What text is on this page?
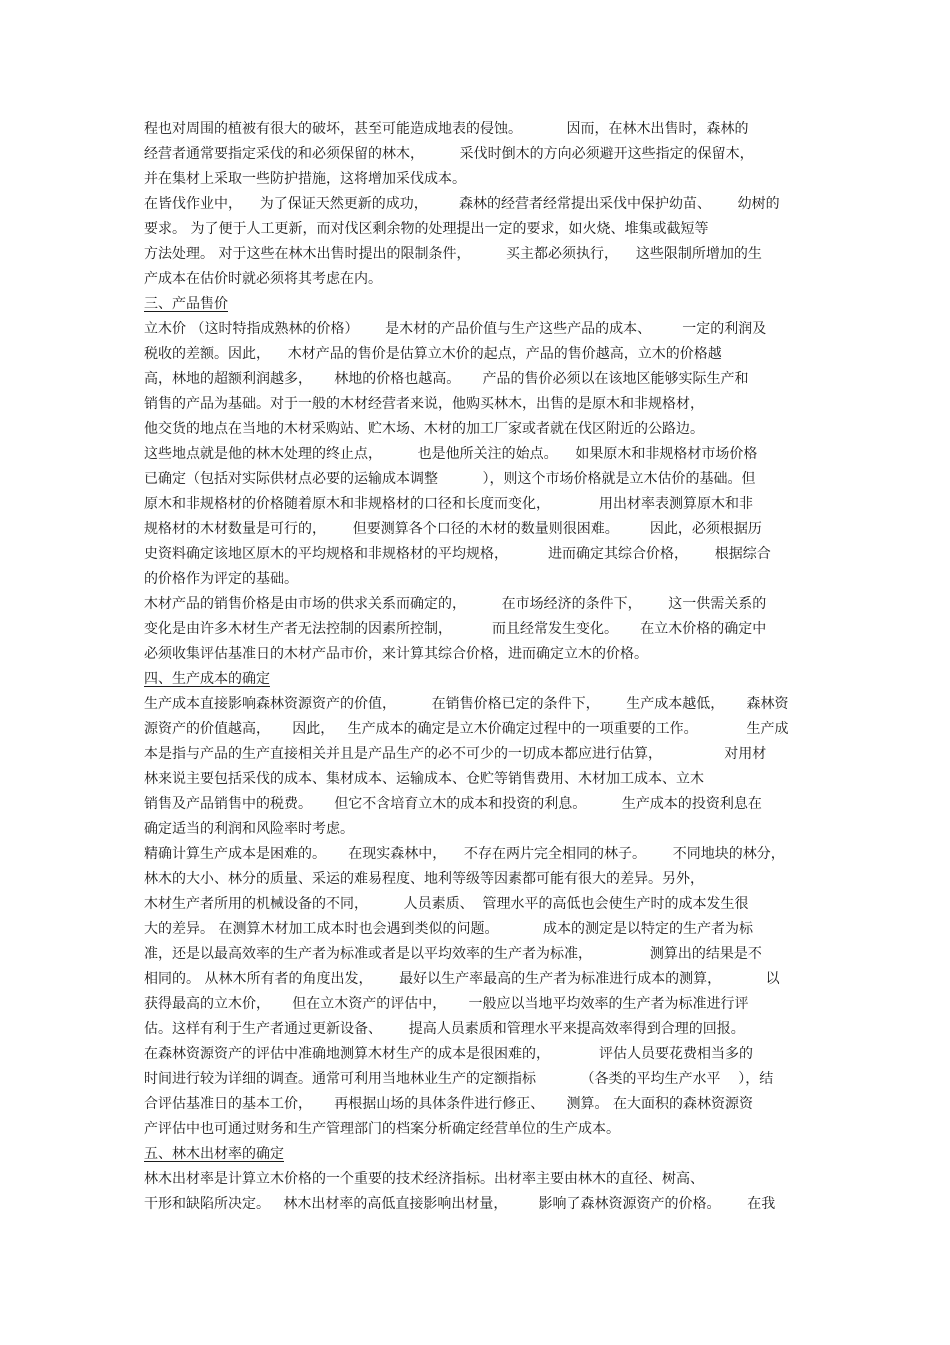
程也对周围的植被有很大的破坏，甚至可能造成地表的侵蚀。          因而，在林木出售时，森林的
经营者通常要指定采伐的和必须保留的林木，        采伐时倒木的方向必须避开这些指定的保留木，
并在集材上采取一些防护措施，这将增加采伐成本。
在皆伐作业中，    为了保证天然更新的成功，       森林的经营者经常提出采伐中保护幼苗、      幼树的
要求。 为了便于人工更新，而对伐区剩余物的处理提出一定的要求，如火烧、堆集或截短等
方法处理。 对于这些在林木出售时提出的限制条件，        买主都必须执行，    这些限制所增加的生
产成本在估价时就必须将其考虑在内。
三、产品售价
立木价 （这时特指成熟林的价格）      是木材的产品价值与生产这些产品的成本、       一定的利润及
税收的差额。因此，    木材产品的售价是估算立木价的起点，产品的售价越高，立木的价格越
高，林地的超额利润越多，     林地的价格也越高。     产品的售价必须以在该地区能够实际生产和
销售的产品为基础。对于一般的木材经营者来说，他购买林木，出售的是原木和非规格材，
他交货的地点在当地的木材采购站、贮木场、木材的加工厂家或者就在伐区附近的公路边。
这些地点就是他的林木处理的终止点，        也是他所关注的始点。    如果原木和非规格材市场价格
已确定（包括对实际供材点必要的运输成本调整          ），则这个市场价格就是立木估价的基础。但
原木和非规格材的价格随着原木和非规格材的口径和长度而变化，           用出材率表测算原木和非
规格材的木材数量是可行的，      但要测算各个口径的木材的数量则很困难。       因此，必须根据历
史资料确定该地区原木的平均规格和非规格材的平均规格，         进而确定其综合价格，      根据综合
的价格作为评定的基础。
木材产品的销售价格是由市场的供求关系而确定的，        在市场经济的条件下，      这一供需关系的
变化是由许多木材生产者无法控制的因素所控制，         而且经常发生变化。     在立木价格的确定中
必须收集评估基准日的木材产品市价，来计算其综合价格，进而确定立木的价格。
四、生产成本的确定
生产成本直接影响森林资源资产的价值，        在销售价格已定的条件下，      生产成本越低，     森林资
源资产的价值越高，     因此，   生产成本的确定是立木价确定过程中的一项重要的工作。           生产成
本是指与产品的生产直接相关并且是产品生产的必不可少的一切成本都应进行估算，              对用材
林来说主要包括采伐的成本、集材成本、运输成本、仓贮等销售费用、木材加工成本、立木
销售及产品销售中的税费。     但它不含培育立木的成本和投资的利息。        生产成本的投资利息在
确定适当的利润和风险率时考虑。
精确计算生产成本是困难的。     在现实森林中，    不存在两片完全相同的林子。      不同地块的林分，
林木的大小、林分的质量、采运的难易程度、地利等级等因素都可能有很大的差异。另外，
木材生产者所用的机械设备的不同，        人员素质、  管理水平的高低也会使生产时的成本发生很
大的差异。 在测算木材加工成本时也会遇到类似的问题。          成本的测定是以特定的生产者为标
准，还是以最高效率的生产者为标准或者是以平均效率的生产者为标准，             测算出的结果是不
相同的。 从林木所有者的角度出发，      最好以生产率最高的生产者为标准进行成本的测算，          以
获得最高的立木价，     但在立木资产的评估中，     一般应以当地平均效率的生产者为标准进行评
估。这样有利于生产者通过更新设备、      提高人员素质和管理水平来提高效率得到合理的回报。
在森林资源资产的评估中准确地测算木材生产的成本是很困难的，           评估人员要花费相当多的
时间进行较为详细的调查。通常可利用当地林业生产的定额指标          （各类的平均生产水平    ），结
合评估基准日的基本工价，     再根据山场的具体条件进行修正、     测算。 在大面积的森林资源资
产评估中也可通过财务和生产管理部门的档案分析确定经营单位的生产成本。
五、林木出材率的确定
林木出材率是计算立木价格的一个重要的技术经济指标。出材率主要由林木的直径、树高、
干形和缺陷所决定。   林木出材率的高低直接影响出材量，       影响了森林资源资产的价格。      在我
